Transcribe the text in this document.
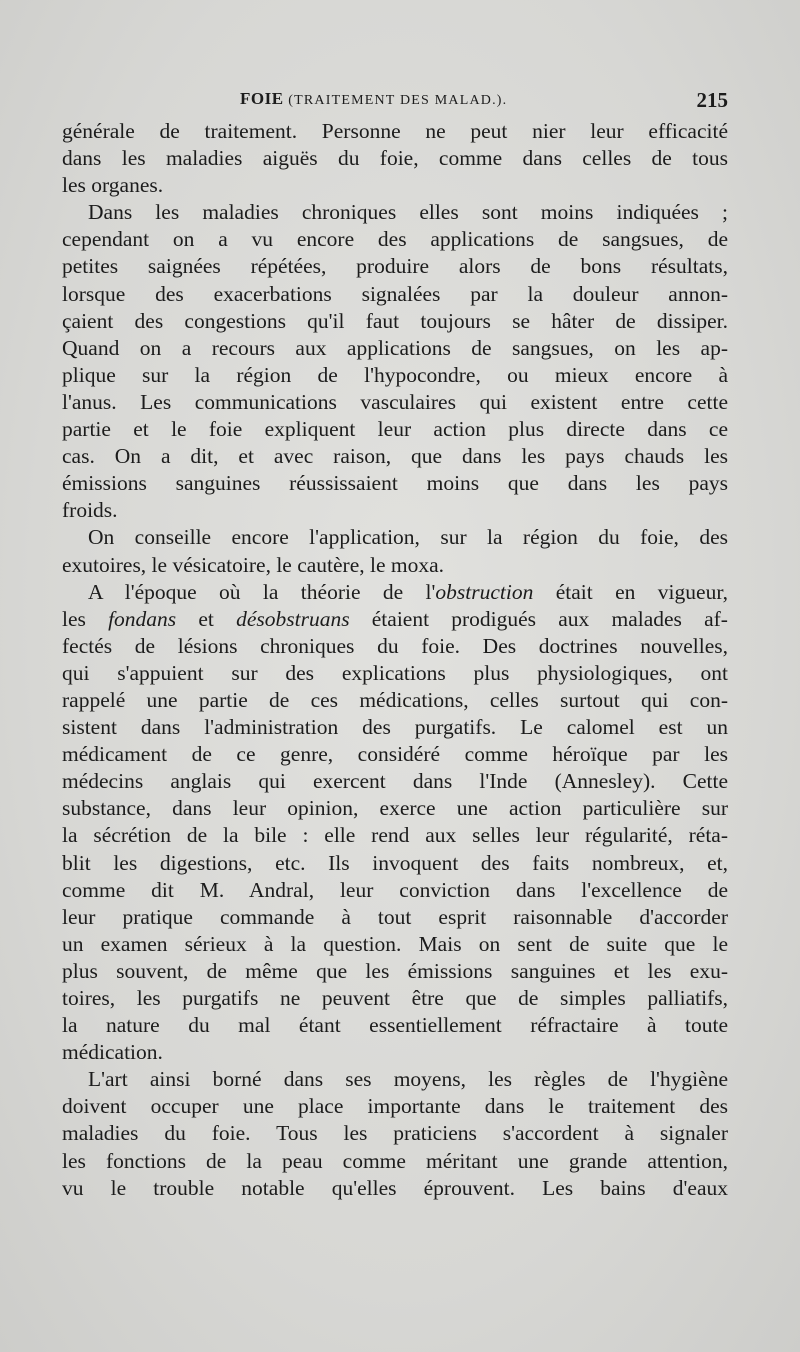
FOIE (TRAITEMENT DES MALAD.).	215
générale de traitement. Personne ne peut nier leur efficacité
dans les maladies aiguës du foie, comme dans celles de tous
les organes.
Dans les maladies chroniques elles sont moins indiquées ;
cependant on a vu encore des applications de sangsues, de
petites saignées répétées, produire alors de bons résultats,
lorsque des exacerbations signalées par la douleur annon-
çaient des congestions qu'il faut toujours se hâter de dissiper.
Quand on a recours aux applications de sangsues, on les ap-
plique sur la région de l'hypocondre, ou mieux encore à
l'anus. Les communications vasculaires qui existent entre cette
partie et le foie expliquent leur action plus directe dans ce
cas. On a dit, et avec raison, que dans les pays chauds les
émissions sanguines réussissaient moins que dans les pays
froids.
On conseille encore l'application, sur la région du foie, des
exutoires, le vésicatoire, le cautère, le moxa.
A l'époque où la théorie de l'obstruction était en vigueur,
les fondans et désobstruans étaient prodigués aux malades af-
fectés de lésions chroniques du foie. Des doctrines nouvelles,
qui s'appuient sur des explications plus physiologiques, ont
rappelé une partie de ces médications, celles surtout qui con-
sistent dans l'administration des purgatifs. Le calomel est un
médicament de ce genre, considéré comme héroïque par les
médecins anglais qui exercent dans l'Inde (Annesley). Cette
substance, dans leur opinion, exerce une action particulière sur
la sécrétion de la bile : elle rend aux selles leur régularité, réta-
blit les digestions, etc. Ils invoquent des faits nombreux, et,
comme dit M. Andral, leur conviction dans l'excellence de
leur pratique commande à tout esprit raisonnable d'accorder
un examen sérieux à la question. Mais on sent de suite que le
plus souvent, de même que les émissions sanguines et les exu-
toires, les purgatifs ne peuvent être que de simples palliatifs,
la nature du mal étant essentiellement réfractaire à toute
médication.
L'art ainsi borné dans ses moyens, les règles de l'hygiène
doivent occuper une place importante dans le traitement des
maladies du foie. Tous les praticiens s'accordent à signaler
les fonctions de la peau comme méritant une grande attention,
vu le trouble notable qu'elles éprouvent. Les bains d'eaux
